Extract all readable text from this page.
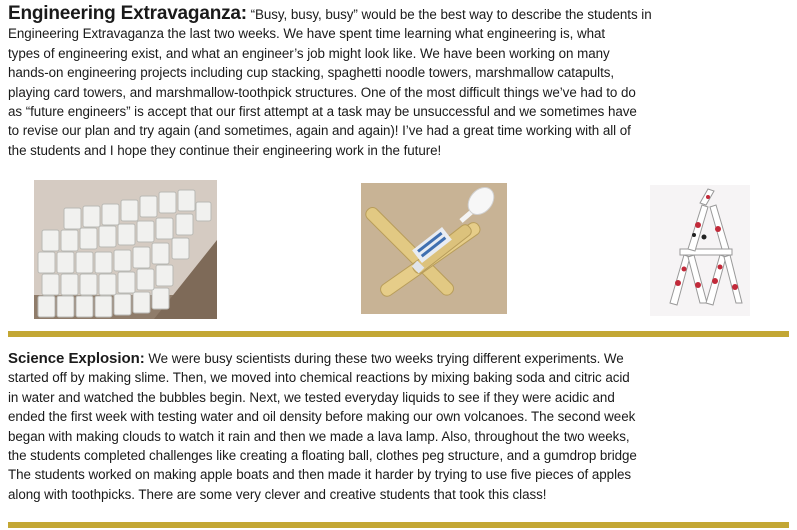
Engineering Extravaganza: “Busy, busy, busy” would be the best way to describe the students in
Engineering Extravaganza the last two weeks. We have spent time learning what engineering is, what
types of engineering exist, and what an engineer’s job might look like. We have been working on many
hands-on engineering projects including cup stacking, spaghetti noodle towers, marshmallow catapults,
playing card towers, and marshmallow-toothpick structures. One of the most difficult things we’ve had to do
as “future engineers” is accept that our first attempt at a task may be unsuccessful and we sometimes have
to revise our plan and try again (and sometimes, again and again)! I’ve had a great time working with all of
the students and I hope they continue their engineering work in the future!
Science Explosion: We were busy scientists during these two weeks trying different experiments. We
started off by making slime. Then, we moved into chemical reactions by mixing baking soda and citric acid
in water and watched the bubbles begin. Next, we tested everyday liquids to see if they were acidic and
ended the first week with testing water and oil density before making our own volcanoes. The second week
began with making clouds to watch it rain and then we made a lava lamp. Also, throughout the two weeks,
the students completed challenges like creating a floating ball, clothes peg structure, and a gumdrop bridge
The students worked on making apple boats and then made it harder by trying to use five pieces of apples
along with toothpicks. There are some very clever and creative students that took this class!
